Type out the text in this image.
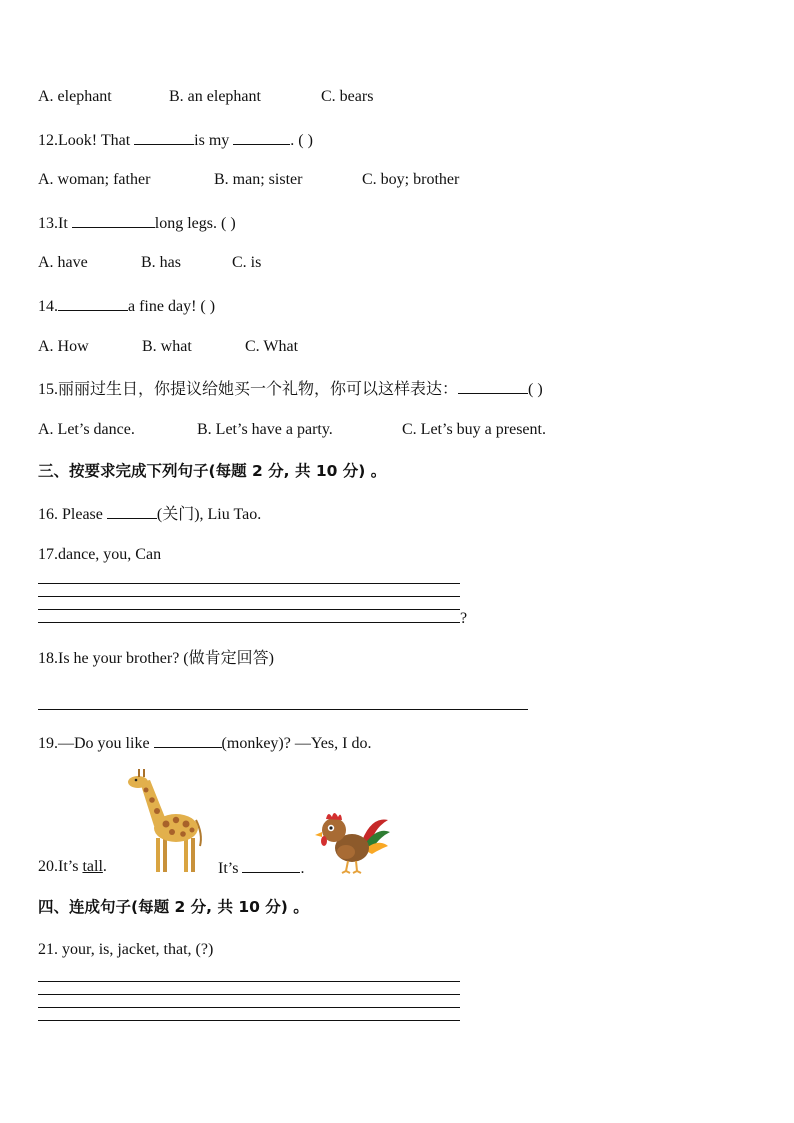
A. elephant	B. an elephant	C. bears
12.Look! That	is my	. ( )
A. woman; father	B. man; sister	C. boy; brother
13.It	long legs. ( )
A. have	B. has	C. is
14.	a fine day! ( )
A. How	B. what	C. What
15.丽丽过生日，你提议给她买一个礼物，你可以这样表达：	( )
A. Let’s dance.	B. Let’s have a party.	C. Let’s buy a present.
三、按要求完成下列句子(每题 2 分, 共 10 分) 。
16. Please	(关门), Liu Tao.
17.dance, you, Can
?
18.Is he your brother? (做肯定回答)
19.—Do you like	(monkey)? —Yes, I do.
20.It’s tall.	It’s	.
四、连成句子(每题 2 分, 共 10 分) 。
21. your, is, jacket, that, (?)
